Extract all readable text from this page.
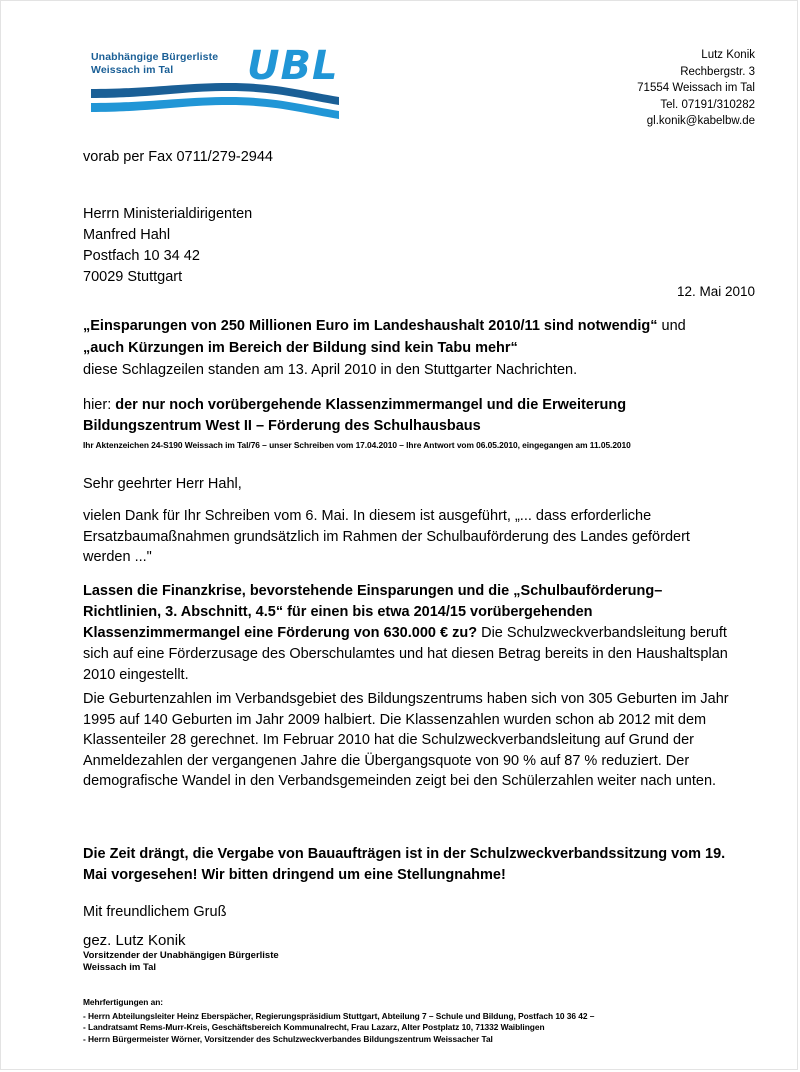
Unabhängige Bürgerliste
Weissach im Tal	UBL	Lutz Konik
Rechbergstr. 3
71554 Weissach im Tal
Tel. 07191/310282
gl.konik@kabelbw.de
vorab per Fax 0711/279-2944
Herrn Ministerialdirigenten
Manfred Hahl
Postfach 10 34 42
70029 Stuttgart
12. Mai 2010
„Einsparungen von 250 Millionen Euro im Landeshaushalt 2010/11 sind notwendig“ und „auch Kürzungen im Bereich der Bildung sind kein Tabu mehr“
diese Schlagzeilen standen am 13. April 2010 in den Stuttgarter Nachrichten.
hier: der nur noch vorübergehende Klassenzimmermangel und die Erweiterung Bildungszentrum West II – Förderung des Schulhausbaus
Ihr Aktenzeichen 24-S190 Weissach im Tal/76 – unser Schreiben vom 17.04.2010 – Ihre Antwort vom 06.05.2010, eingegangen am 11.05.2010
Sehr geehrter Herr Hahl,
vielen Dank für Ihr Schreiben vom 6. Mai. In diesem ist ausgeführt, „... dass erforderliche Ersatzbaumaßnahmen grundsätzlich im Rahmen der Schulbauförderung des Landes gefördert werden ..."
Lassen die Finanzkrise, bevorstehende Einsparungen und die „Schulbauförderung–Richtlinien, 3. Abschnitt, 4.5“ für einen bis etwa 2014/15 vorübergehenden Klassenzimmermangel eine Förderung von 630.000 € zu? Die Schulzweckverbandsleitung beruft sich auf eine Förderzusage des Oberschulamtes und hat diesen Betrag bereits in den Haushaltsplan 2010 eingestellt.
Die Geburtenzahlen im Verbandsgebiet des Bildungszentrums haben sich von 305 Geburten im Jahr 1995 auf 140 Geburten im Jahr 2009 halbiert. Die Klassenzahlen wurden schon ab 2012 mit dem Klassenteiler 28 gerechnet. Im Februar 2010 hat die Schulzweckverbandsleitung auf Grund der Anmeldezahlen der vergangenen Jahre die Übergangsquote von 90 % auf 87 % reduziert. Der demografische Wandel in den Verbandsgemeinden zeigt bei den Schülerzahlen weiter nach unten.
Die Zeit drängt, die Vergabe von Bauaufträgen ist in der Schulzweckverbandssitzung vom 19. Mai vorgesehen! Wir bitten dringend um eine Stellungnahme!
Mit freundlichem Gruß
gez. Lutz Konik
Vorsitzender der Unabhängigen Bürgerliste
Weissach im Tal
Mehrfertigungen an:
- Herrn Abteilungsleiter Heinz Eberspächer, Regierungspräsidium Stuttgart, Abteilung 7 – Schule und Bildung, Postfach 10 36 42 –
- Landratsamt Rems-Murr-Kreis, Geschäftsbereich Kommunalrecht, Frau Lazarz, Alter Postplatz 10, 71332 Waiblingen
- Herrn Bürgermeister Wörner, Vorsitzender des Schulzweckverbandes Bildungszentrum Weissacher Tal
